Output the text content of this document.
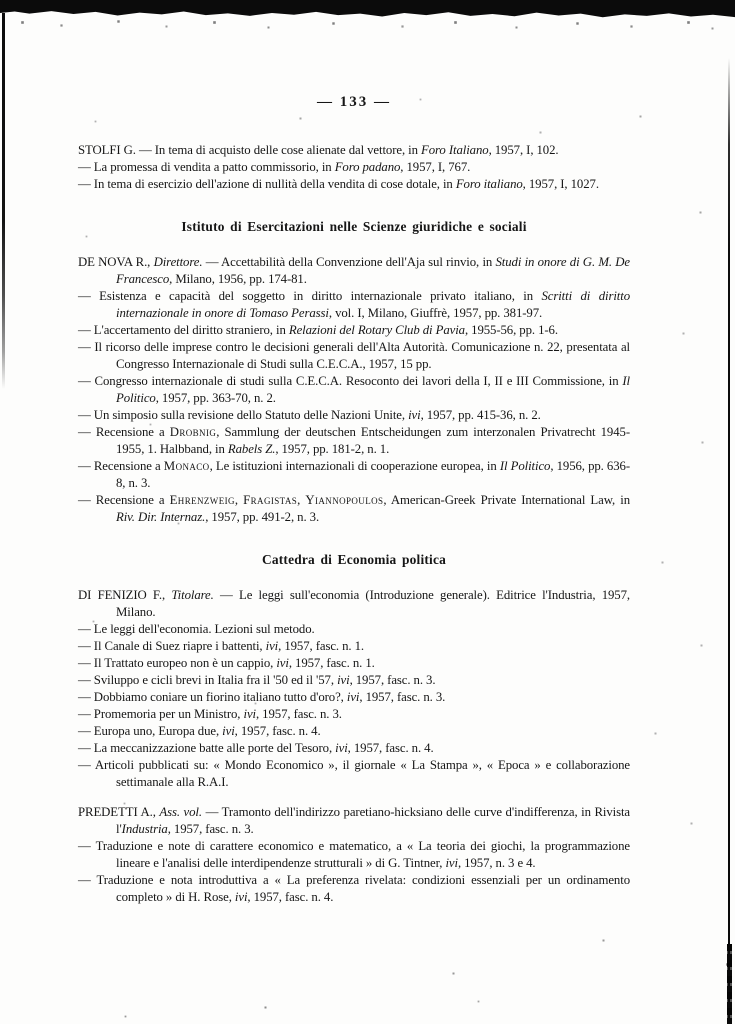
— 133 —

STOLFI G. — In tema di acquisto delle cose alienate dal vettore, in Foro Italiano, 1957, I, 102.

— La promessa di vendita a patto commissorio, in Foro padano, 1957, I, 767.

— In tema di esercizio dell'azione di nullità della vendita di cose dotale, in Foro italiano, 1957, I, 1027.

Istituto di Esercitazioni nelle Scienze giuridiche e sociali

DE NOVA R., Direttore. — Accettabilità della Convenzione dell'Aja sul rinvio, in Studi in onore di G. M. De Francesco, Milano, 1956, pp. 174-81.

— Esistenza e capacità del soggetto in diritto internazionale privato italiano, in Scritti di diritto internazionale in onore di Tomaso Perassi, vol. I, Milano, Giuffrè, 1957, pp. 381-97.

— L'accertamento del diritto straniero, in Relazioni del Rotary Club di Pavia, 1955-56, pp. 1-6.

— Il ricorso delle imprese contro le decisioni generali dell'Alta Autorità. Comunicazione n. 22, presentata al Congresso Internazionale di Studi sulla C.E.C.A., 1957, 15 pp.

— Congresso internazionale di studi sulla C.E.C.A. Resoconto dei lavori della I, II e III Commissione, in Il Politico, 1957, pp. 363-70, n. 2.

— Un simposio sulla revisione dello Statuto delle Nazioni Unite, ivi, 1957, pp. 415-36, n. 2.

— Recensione a Drobnig, Sammlung der deutschen Entscheidungen zum interzonalen Privatrecht 1945-1955, 1. Halbband, in Rabels Z., 1957, pp. 181-2, n. 1.

— Recensione a Monaco, Le istituzioni internazionali di cooperazione europea, in Il Politico, 1956, pp. 636-8, n. 3.

— Recensione a Ehrenzweig, Fragistas, Yiannopoulos, American-Greek Private International Law, in Riv. Dir. Internaz., 1957, pp. 491-2, n. 3.

Cattedra di Economia politica

DI FENIZIO F., Titolare. — Le leggi sull'economia (Introduzione generale). Editrice l'Industria, 1957, Milano.

— Le leggi dell'economia. Lezioni sul metodo.

— Il Canale di Suez riapre i battenti, ivi, 1957, fasc. n. 1.

— Il Trattato europeo non è un cappio, ivi, 1957, fasc. n. 1.

— Sviluppo e cicli brevi in Italia fra il '50 ed il '57, ivi, 1957, fasc. n. 3.

— Dobbiamo coniare un fiorino italiano tutto d'oro?, ivi, 1957, fasc. n. 3.

— Promemoria per un Ministro, ivi, 1957, fasc. n. 3.

— Europa uno, Europa due, ivi, 1957, fasc. n. 4.

— La meccanizzazione batte alle porte del Tesoro, ivi, 1957, fasc. n. 4.

— Articoli pubblicati su: « Mondo Economico », il giornale « La Stampa », « Epoca » e collaborazione settimanale alla R.A.I.

PREDETTI A., Ass. vol. — Tramonto dell'indirizzo paretiano-hicksiano delle curve d'indifferenza, in Rivista l'Industria, 1957, fasc. n. 3.

— Traduzione e note di carattere economico e matematico, a « La teoria dei giochi, la programmazione lineare e l'analisi delle interdipendenze strutturali » di G. Tintner, ivi, 1957, n. 3 e 4.

— Traduzione e nota introduttiva a « La preferenza rivelata: condizioni essenziali per un ordinamento completo » di H. Rose, ivi, 1957, fasc. n. 4.
